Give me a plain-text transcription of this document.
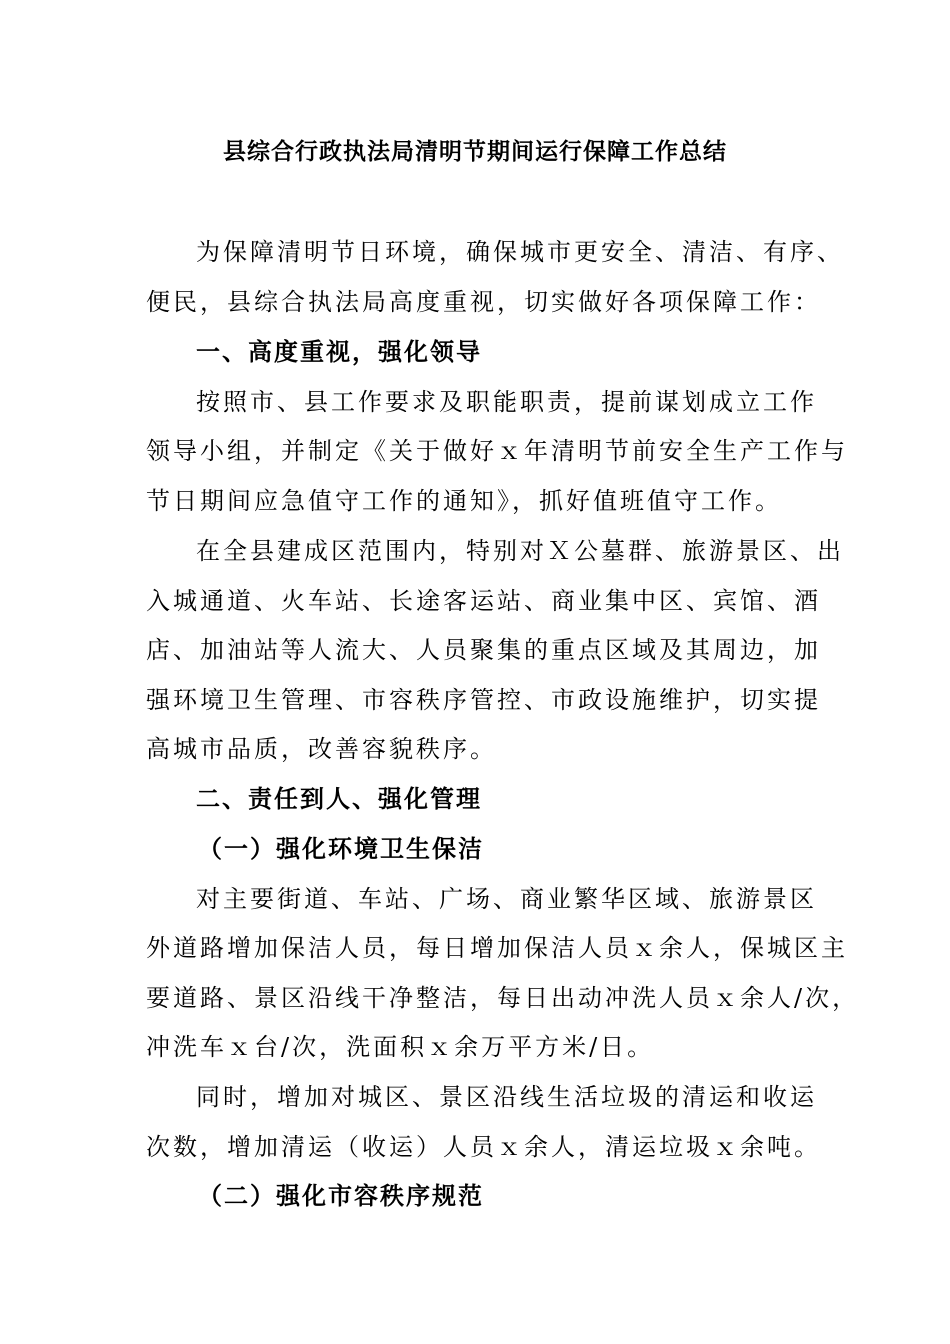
县综合行政执法局清明节期间运行保障工作总结
为保障清明节日环境，确保城市更安全、清洁、有序、
便民，县综合执法局高度重视，切实做好各项保障工作：
一、高度重视，强化领导
按照市、县工作要求及职能职责，提前谋划成立工作
领导小组，并制定《关于做好ｘ年清明节前安全生产工作与
节日期间应急值守工作的通知》，抓好值班值守工作。
在全县建成区范围内，特别对Ｘ公墓群、旅游景区、出
入城通道、火车站、长途客运站、商业集中区、宾馆、酒
店、加油站等人流大、人员聚集的重点区域及其周边，加
强环境卫生管理、市容秩序管控、市政设施维护，切实提
高城市品质，改善容貌秩序。
二、责任到人、强化管理
（一）强化环境卫生保洁
对主要街道、车站、广场、商业繁华区域、旅游景区
外道路增加保洁人员，每日增加保洁人员ｘ余人，保城区主
要道路、景区沿线干净整洁，每日出动冲洗人员ｘ余人/次，
冲洗车ｘ台/次，洗面积ｘ余万平方米/日。
同时，增加对城区、景区沿线生活垃圾的清运和收运
次数，增加清运（收运）人员ｘ余人，清运垃圾ｘ余吨。
（二）强化市容秩序规范
